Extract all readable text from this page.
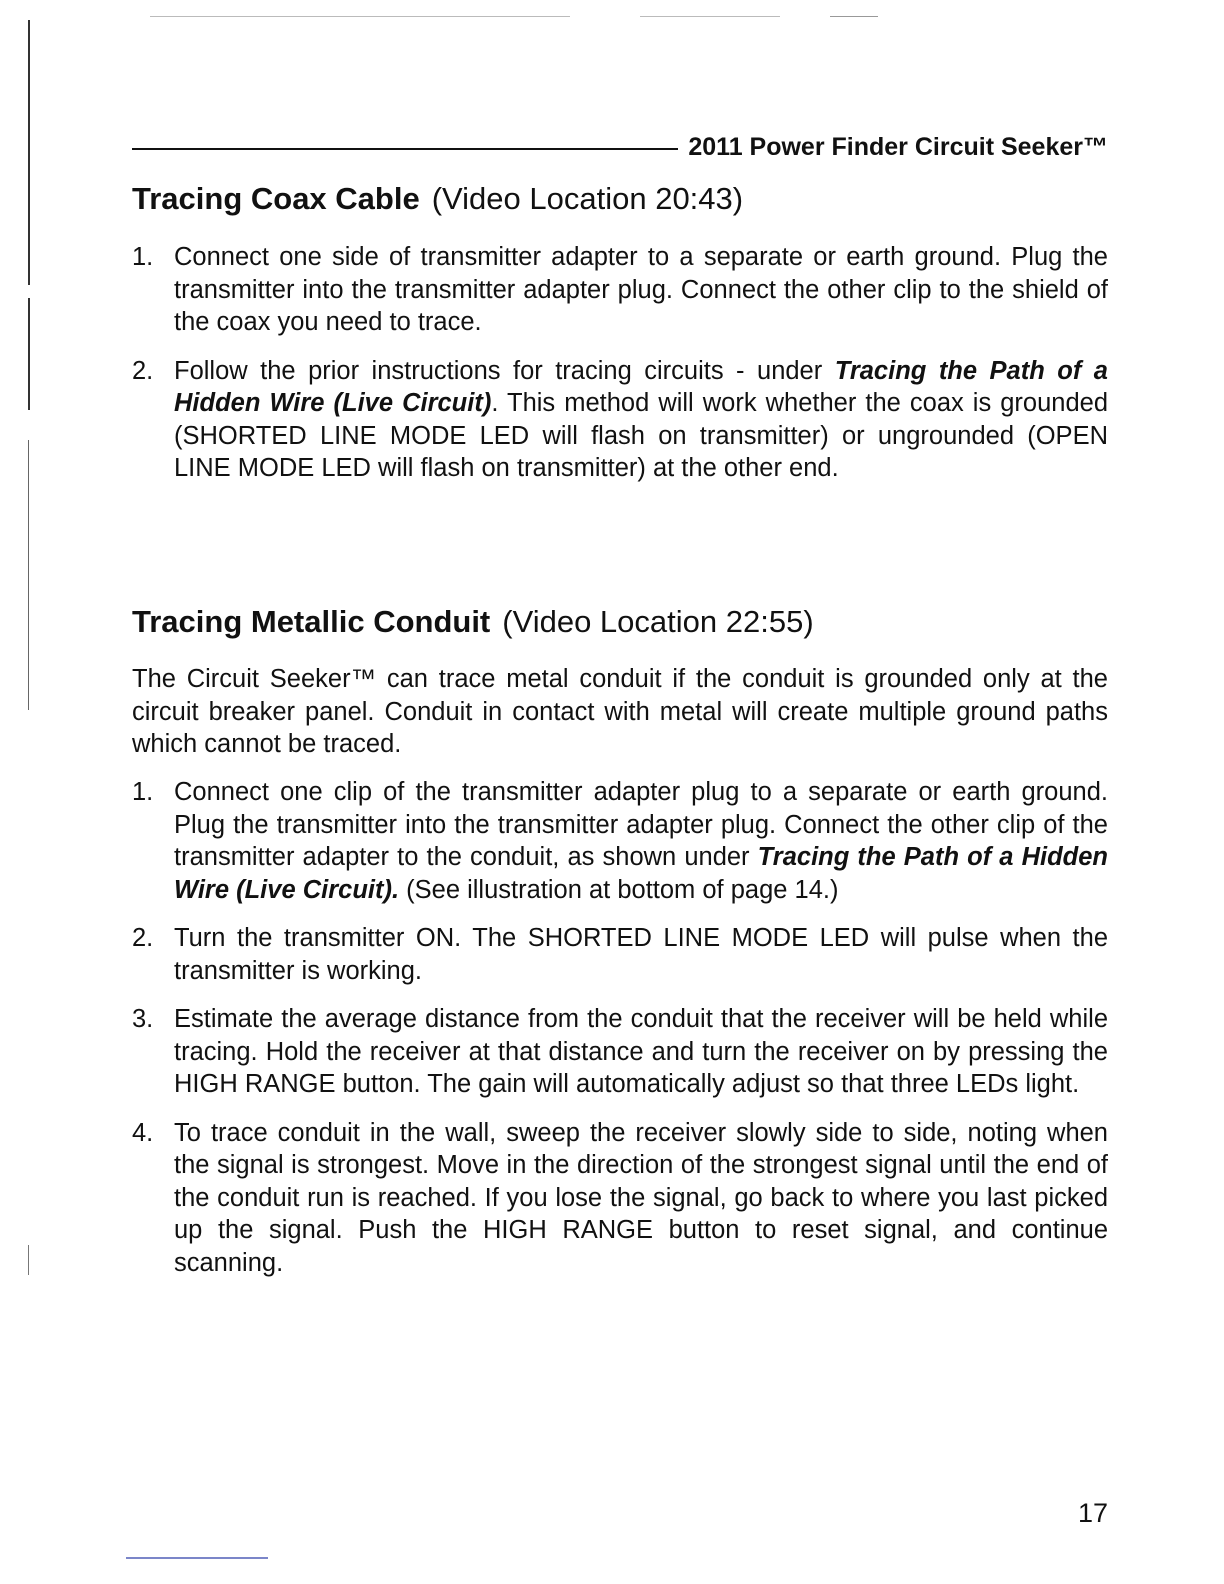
2011 Power Finder Circuit Seeker™
Tracing Coax Cable (Video Location 20:43)
1. Connect one side of transmitter adapter to a separate or earth ground. Plug the transmitter into the transmitter adapter plug. Connect the other clip to the shield of the coax you need to trace.
2. Follow the prior instructions for tracing circuits - under Tracing the Path of a Hidden Wire (Live Circuit). This method will work whether the coax is grounded (SHORTED LINE MODE LED will flash on transmitter) or ungrounded (OPEN LINE MODE LED will flash on transmitter) at the other end.
Tracing Metallic Conduit (Video Location 22:55)

The Circuit Seeker™ can trace metal conduit if the conduit is grounded only at the circuit breaker panel. Conduit in contact with metal will create multiple ground paths which cannot be traced.

1. Connect one clip of the transmitter adapter plug to a separate or earth ground. Plug the transmitter into the transmitter adapter plug. Connect the other clip of the transmitter adapter to the conduit, as shown under Tracing the Path of a Hidden Wire (Live Circuit). (See illustration at bottom of page 14.)
2. Turn the transmitter ON. The SHORTED LINE MODE LED will pulse when the transmitter is working.
3. Estimate the average distance from the conduit that the receiver will be held while tracing. Hold the receiver at that distance and turn the receiver on by pressing the HIGH RANGE button. The gain will automatically adjust so that three LEDs light.
4. To trace conduit in the wall, sweep the receiver slowly side to side, noting when the signal is strongest. Move in the direction of the strongest signal until the end of the conduit run is reached. If you lose the signal, go back to where you last picked up the signal. Push the HIGH RANGE button to reset signal, and continue scanning.
17
